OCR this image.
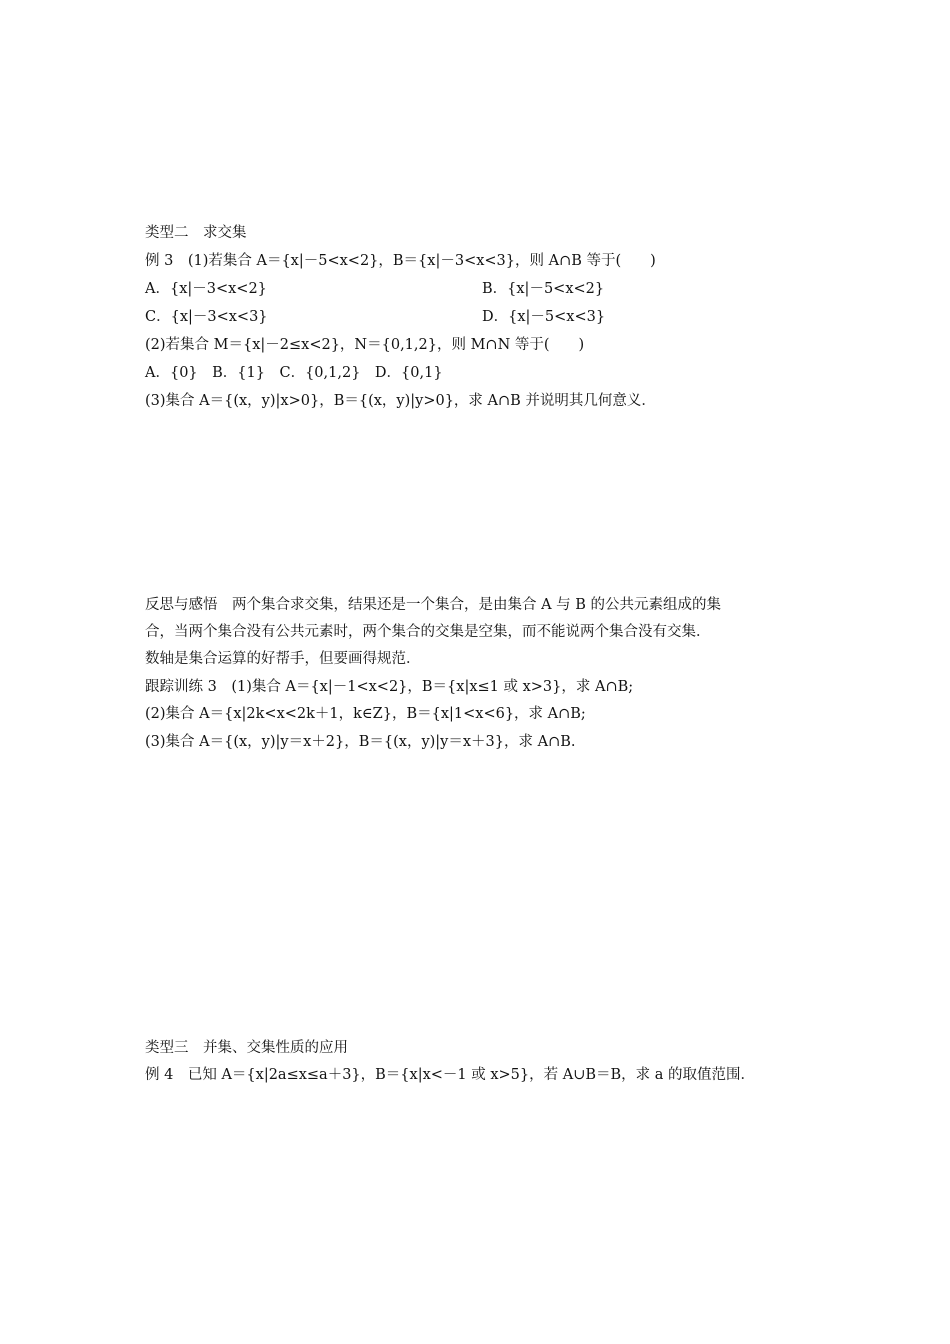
类型二　求交集
例 3　(1)若集合 A＝{x|－5<x<2}，B＝{x|－3<x<3}，则 A∩B 等于(　　)
A．{x|－3<x<2}	B．{x|－5<x<2}
C．{x|－3<x<3}	D．{x|－5<x<3}
(2)若集合 M＝{x|－2≤x<2}，N＝{0,1,2}，则 M∩N 等于(　　)
A．{0}　B．{1}　C．{0,1,2}　D．{0,1}
(3)集合 A＝{(x，y)|x>0}，B＝{(x，y)|y>0}，求 A∩B 并说明其几何意义．
反思与感悟　两个集合求交集，结果还是一个集合，是由集合 A 与 B 的公共元素组成的集
合，当两个集合没有公共元素时，两个集合的交集是空集，而不能说两个集合没有交集．
数轴是集合运算的好帮手，但要画得规范．
跟踪训练 3　(1)集合 A＝{x|－1<x<2}，B＝{x|x≤1 或 x>3}，求 A∩B;
(2)集合 A＝{x|2k<x<2k＋1，k∈Z}，B＝{x|1<x<6}，求 A∩B;
(3)集合 A＝{(x，y)|y＝x＋2}，B＝{(x，y)|y＝x＋3}，求 A∩B.
类型三　并集、交集性质的应用
例 4　已知 A＝{x|2a≤x≤a＋3}，B＝{x|x<－1 或 x>5}，若 A∪B＝B，求 a 的取值范围．
